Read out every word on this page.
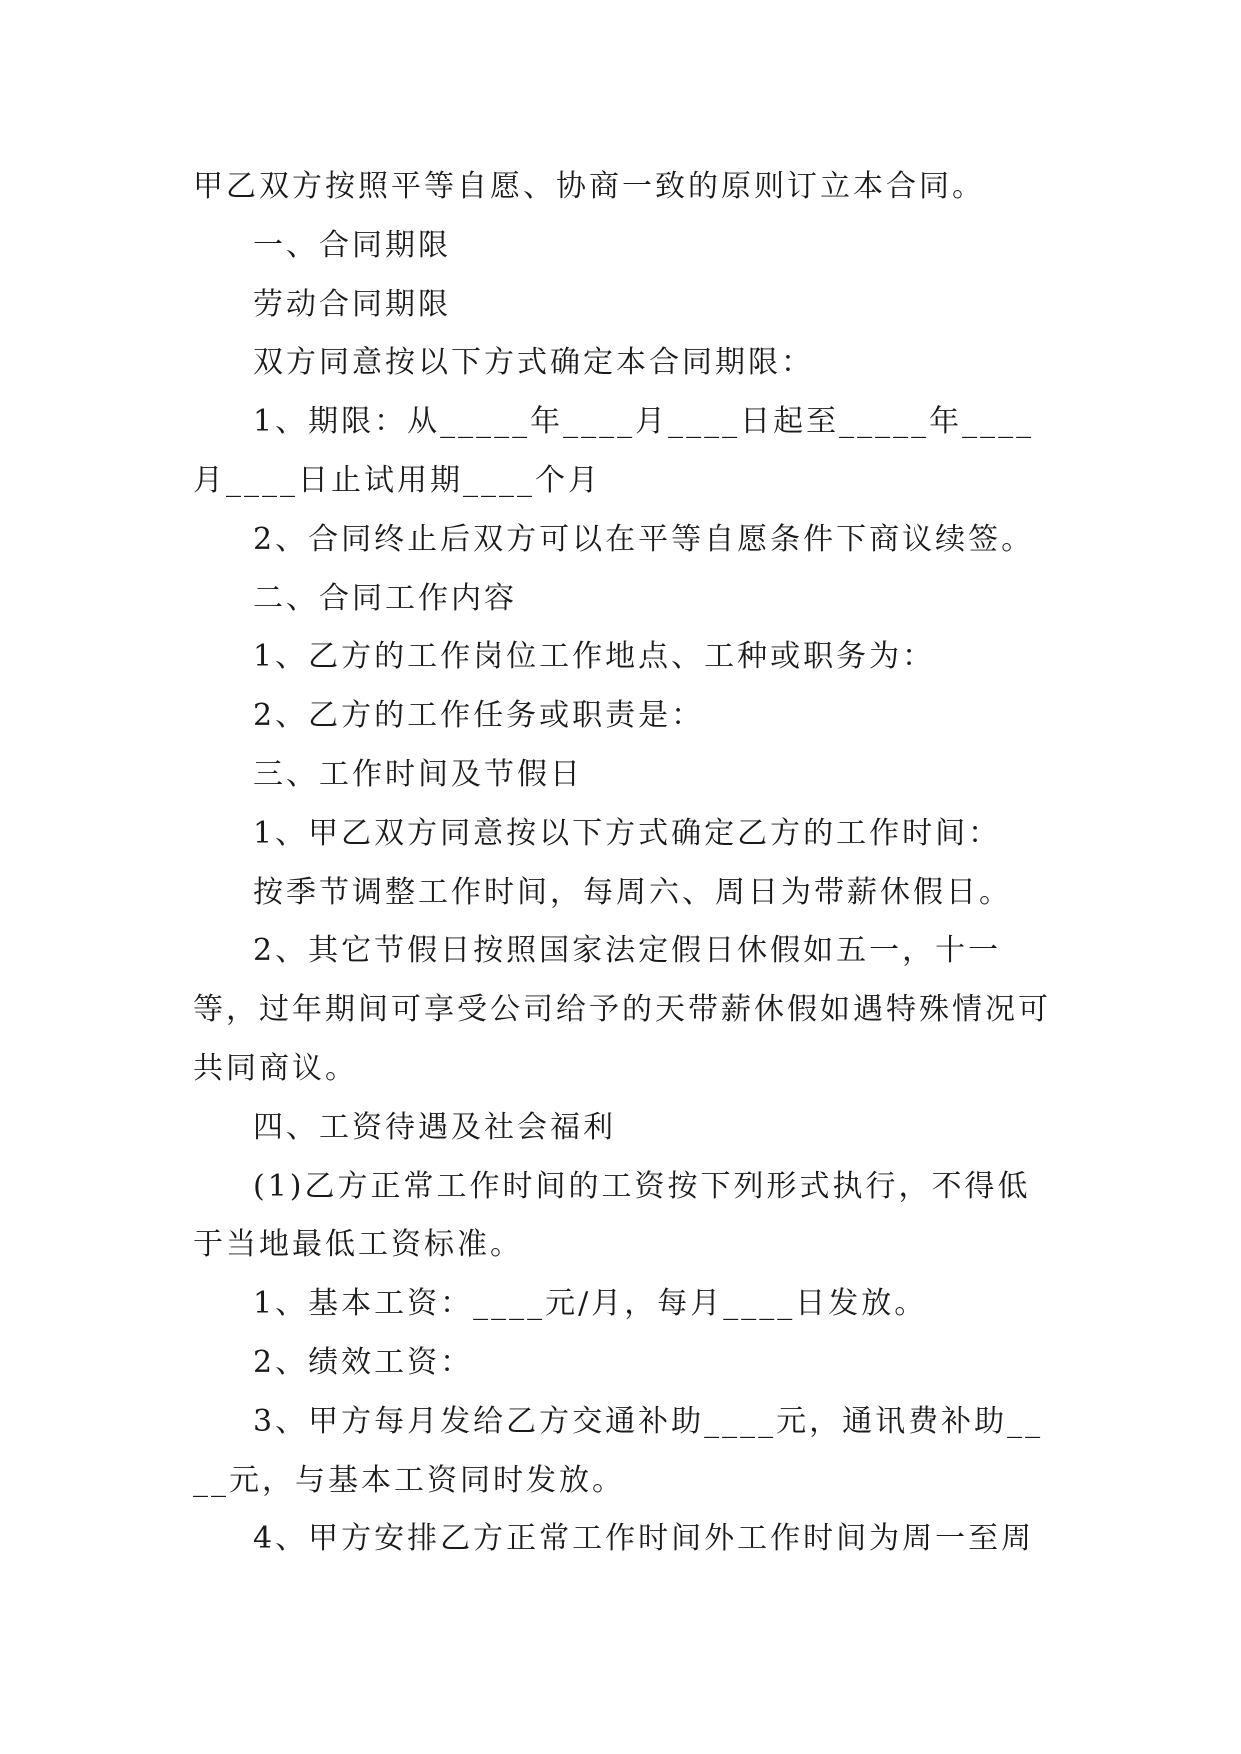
甲乙双方按照平等自愿、协商一致的原则订立本合同。

一、合同期限

劳动合同期限

双方同意按以下方式确定本合同期限：

1、期限：从_____年____月____日起至_____年____月____日止试用期____个月

2、合同终止后双方可以在平等自愿条件下商议续签。

二、合同工作内容

1、乙方的工作岗位工作地点、工种或职务为：

2、乙方的工作任务或职责是：

三、工作时间及节假日

1、甲乙双方同意按以下方式确定乙方的工作时间：

按季节调整工作时间，每周六、周日为带薪休假日。

2、其它节假日按照国家法定假日休假如五一，十一等，过年期间可享受公司给予的天带薪休假如遇特殊情况可共同商议。

四、工资待遇及社会福利

(1)乙方正常工作时间的工资按下列形式执行，不得低于当地最低工资标准。

1、基本工资：____元/月，每月____日发放。

2、绩效工资：

3、甲方每月发给乙方交通补助____元，通讯费补助____元，与基本工资同时发放。

4、甲方安排乙方正常工作时间外工作时间为周一至周
